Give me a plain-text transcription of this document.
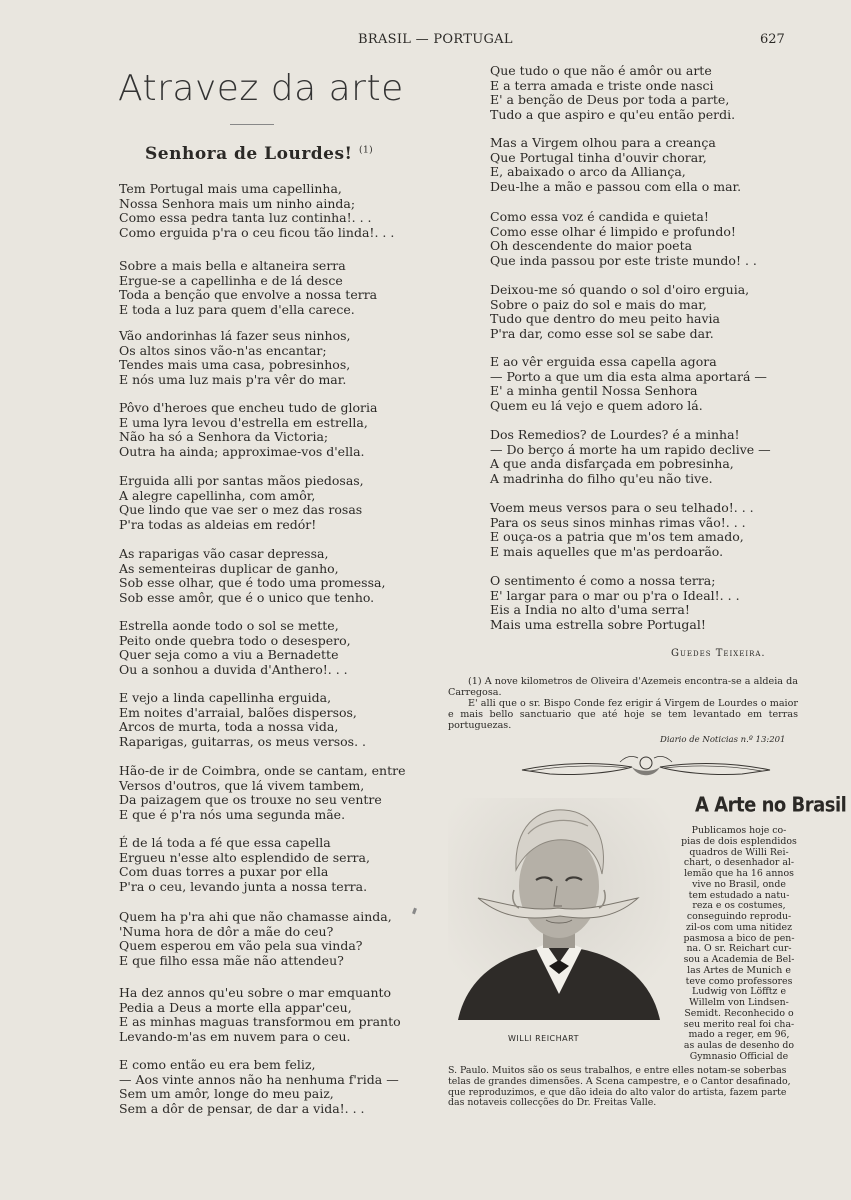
BRASIL — PORTUGAL	627
Atravez da arte
Senhora de Lourdes! $^{(1)}$
Tem Portugal mais uma capellinha,
Nossa Senhora mais um ninho ainda;
Como essa pedra tanta luz continha!. . .
Como erguida p'ra o ceu ficou tão linda!. . .
Sobre a mais bella e altaneira serra
Ergue-se a capellinha e de lá desce
Toda a benção que envolve a nossa terra
E toda a luz para quem d'ella carece.
Vão andorinhas lá fazer seus ninhos,
Os altos sinos vão-n'as encantar;
Tendes mais uma casa, pobresinhos,
E nós uma luz mais p'ra vêr do mar.
Pôvo d'heroes que encheu tudo de gloria
E uma lyra levou d'estrella em estrella,
Não ha só a Senhora da Victoria;
Outra ha ainda; approximae-vos d'ella.
Erguida alli por santas mãos piedosas,
A alegre capellinha, com amôr,
Que lindo que vae ser o mez das rosas
P'ra todas as aldeias em redór!
As raparigas vão casar depressa,
As sementeiras duplicar de ganho,
Sob esse olhar, que é todo uma promessa,
Sob esse amôr, que é o unico que tenho.
Estrella aonde todo o sol se mette,
Peito onde quebra todo o desespero,
Quer seja como a viu a Bernadette
Ou a sonhou a duvida d'Anthero!. . .
E vejo a linda capellinha erguida,
Em noites d'arraial, balões dispersos,
Arcos de murta, toda a nossa vida,
Raparigas, guitarras, os meus versos. .
Hão-de ir de Coimbra, onde se cantam, entre
Versos d'outros, que lá vivem tambem,
Da paizagem que os trouxe no seu ventre
E que é p'ra nós uma segunda mãe.
É de lá toda a fé que essa capella
Ergueu n'esse alto esplendido de serra,
Com duas torres a puxar por ella
P'ra o ceu, levando junta a nossa terra.
Quem ha p'ra ahi que não chamasse ainda,
'Numa hora de dôr a mãe do ceu?
Quem esperou em vão pela sua vinda?
E que filho essa mãe não attendeu?
Ha dez annos qu'eu sobre o mar emquanto
Pedia a Deus a morte ella appar'ceu,
E as minhas maguas transformou em pranto
Levando-m'as em nuvem para o ceu.
E como então eu era bem feliz,
— Aos vinte annos não ha nenhuma f'rida —
Sem um amôr, longe do meu paiz,
Sem a dôr de pensar, de dar a vida!. . .
Que tudo o que não é amôr ou arte
E a terra amada e triste onde nasci
E' a benção de Deus por toda a parte,
Tudo a que aspiro e qu'eu então perdi.
Mas a Virgem olhou para a creança
Que Portugal tinha d'ouvir chorar,
E, abaixado o arco da Alliança,
Deu-lhe a mão e passou com ella o mar.
Como essa voz é candida e quieta!
Como esse olhar é limpido e profundo!
Oh descendente do maior poeta
Que inda passou por este triste mundo! . .
Deixou-me só quando o sol d'oiro erguia,
Sobre o paiz do sol e mais do mar,
Tudo que dentro do meu peito havia
P'ra dar, como esse sol se sabe dar.
E ao vêr erguida essa capella agora
— Porto a que um dia esta alma aportará —
E' a minha gentil Nossa Senhora
Quem eu lá vejo e quem adoro lá.
Dos Remedios? de Lourdes? é a minha!
— Do berço á morte ha um rapido declive —
A que anda disfarçada em pobresinha,
A madrinha do filho qu'eu não tive.
Voem meus versos para o seu telhado!. . .
Para os seus sinos minhas rimas vão!. . .
E ouça-os a patria que m'os tem amado,
E mais aquelles que m'as perdoarão.
O sentimento é como a nossa terra;
E' largar para o mar ou p'ra o Ideal!. . .
Eis a India no alto d'uma serra!
Mais uma estrella sobre Portugal!
Guedes Teixeira.

(1) A nove kilometros de Oliveira d'Azemeis encontra-se a aldeia da Carregosa.

E' alli que o sr. Bispo Conde fez erigir á Virgem de Lourdes o maior e mais bello sanctuario que até hoje se tem levantado em terras portuguezas.

Diario de Noticias n.º 13:201
A Arte no Brasil
WILLI REICHART
Publicamos hoje co-
pias de dois esplendidos
quadros de Willi Rei-
chart, o desenhador al-
lemão que ha 16 annos
vive no Brasil, onde
tem estudado a natu-
reza e os costumes,
conseguindo reprodu-
zil-os com uma nitidez
pasmosa a bico de pen-
na. O sr. Reichart cur-
sou a Academia de Bel-
las Artes de Munich e
teve como professores
Ludwig von Löfftz e
Willelm von Lindsen-
Semidt. Reconhecido o
seu merito real foi cha-
mado a reger, em 96,
as aulas de desenho do
Gymnasio Official de
S. Paulo. Muitos são os seus trabalhos, e entre elles notam-se soberbas
telas de grandes dimensões. A Scena campestre, e o Cantor desafinado,
que reproduzimos, e que dão ideia do alto valor do artista, fazem parte
das notaveis collecções do Dr. Freitas Valle.
